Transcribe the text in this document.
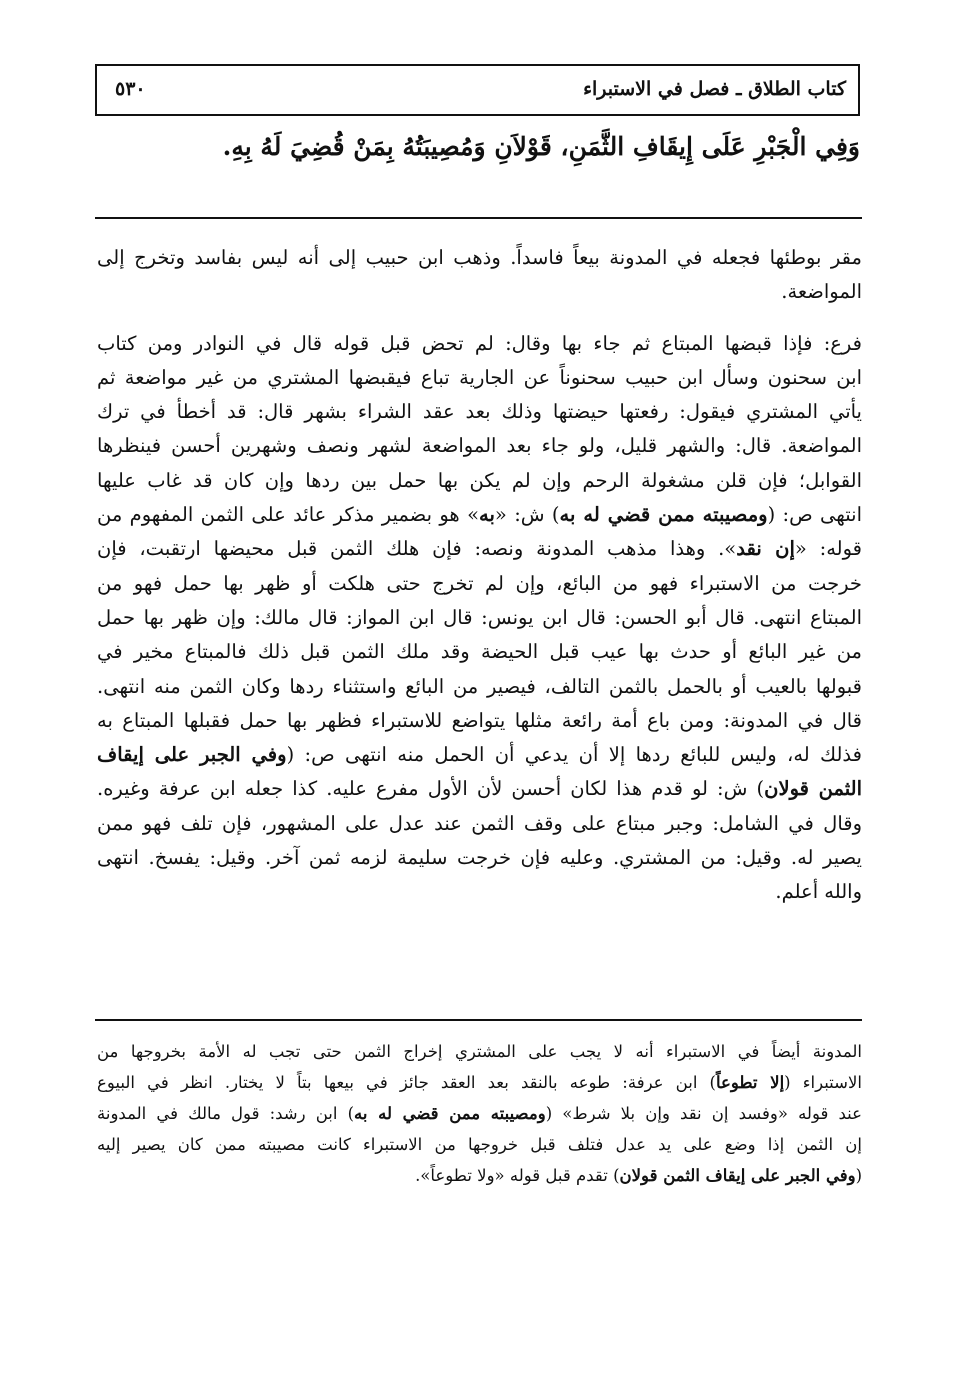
كتاب الطلاق ـ فصل في الاستبراء
٥٣٠
وَفِي الْجَبْرِ عَلَى إِيقَافِ الثَّمَنِ، قَوْلاَنِ وَمُصِيبَتُهُ بِمَنْ قُضِيَ لَهُ بِهِ.
مقر بوطئها فجعله في المدونة بيعاً فاسداً. وذهب ابن حبيب إلى أنه ليس بفاسد وتخرج إلى
المواضعة.
فرع: فإذا قبضها المبتاع ثم جاء بها وقال: لم تحض قبل قوله قال في النوادر ومن كتاب
ابن سحنون وسأل ابن حبيب سحنوناً عن الجارية تباع فيقبضها المشتري من غير مواضعة ثم
يأتي المشتري فيقول: رفعتها حيضتها وذلك بعد عقد الشراء بشهر قال: قد أخطأ في ترك
المواضعة. قال: والشهر قليل، ولو جاء بعد المواضعة لشهر ونصف وشهرين أحسن فينظرها
القوابل؛ فإن قلن مشغولة الرحم وإن لم يكن بها حمل بين ردها وإن كان قد غاب عليها
انتهى ص: (ومصيبته ممن قضي له به) ش: «به» هو بضمير مذكر عائد على الثمن المفهوم من
قوله: «إن نقد». وهذا مذهب المدونة ونصه: فإن هلك الثمن قبل محيضها ارتقبت، فإن
خرجت من الاستبراء فهو من البائع، وإن لم تخرج حتى هلكت أو ظهر بها حمل فهو من
المبتاع انتهى. قال أبو الحسن: قال ابن يونس: قال ابن المواز: قال مالك: وإن ظهر بها حمل
من غير البائع أو حدث بها عيب قبل الحيضة وقد ملك الثمن قبل ذلك فالمبتاع مخير في
قبولها بالعيب أو بالحمل بالثمن التالف، فيصير من البائع واستثناء ردها وكان الثمن منه انتهى.
قال في المدونة: ومن باع أمة رائعة مثلها يتواضع للاستبراء فظهر بها حمل فقبلها المبتاع به
فذلك له، وليس للبائع ردها إلا أن يدعي أن الحمل منه انتهى ص: (وفي الجبر على إيقاف
الثمن قولان) ش: لو قدم هذا لكان أحسن لأن الأول مفرع عليه. كذا جعله ابن عرفة وغيره.
وقال في الشامل: وجبر مبتاع على وقف الثمن عند عدل على المشهور، فإن تلف فهو ممن
يصير له. وقيل: من المشتري. وعليه فإن خرجت سليمة لزمه ثمن آخر. وقيل: يفسخ. انتهى
والله أعلم.
المدونة أيضاً في الاستبراء أنه لا يجب على المشتري إخراج الثمن حتى تجب له الأمة بخروجها من
الاستبراء (إلا تطوعاً) ابن عرفة: طوعه بالنقد بعد العقد جائز في بيعها بتاً لا يختار. انظر في البيوع
عند قوله «وفسد إن نقد وإن بلا شرط» (ومصيبته ممن قضي له به) ابن رشد: قول مالك في المدونة
إن الثمن إذا وضع على يد عدل فتلف قبل خروجها من الاستبراء كانت مصيبته ممن كان يصير إليه
(وفي الجبر على إيقاف الثمن قولان) تقدم قبل قوله «ولا تطوعاً».
